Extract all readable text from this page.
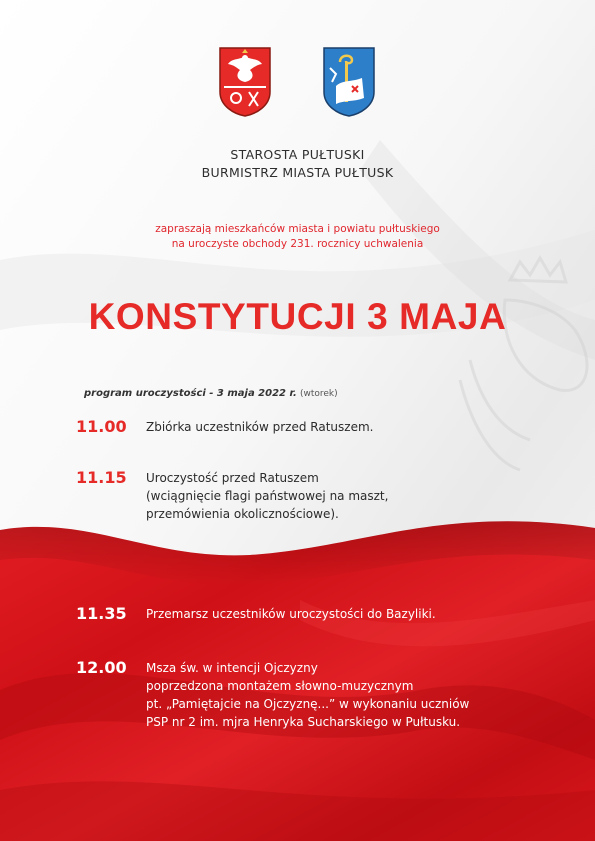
STAROSTA PUŁTUSKI
BURMISTRZ MIASTA PUŁTUSK
zapraszają mieszkańców miasta i powiatu pułtuskiego
na uroczyste obchody 231. rocznicy uchwalenia
KONSTYTUCJI 3 MAJA
program uroczystości - 3 maja 2022 r. (wtorek)
11.00 Zbiórka uczestników przed Ratuszem.
11.15 Uroczystość przed Ratuszem
(wciągnięcie flagi państwowej na maszt,
przemówienia okolicznościowe).
11.35 Przemarsz uczestników uroczystości do Bazyliki.
12.00 Msza św. w intencji Ojczyzny
poprzedzona montażem słowno-muzycznym
pt. „Pamiętajcie na Ojczyznę...” w wykonaniu uczniów
PSP nr 2 im. mjra Henryka Sucharskiego w Pułtusku.
